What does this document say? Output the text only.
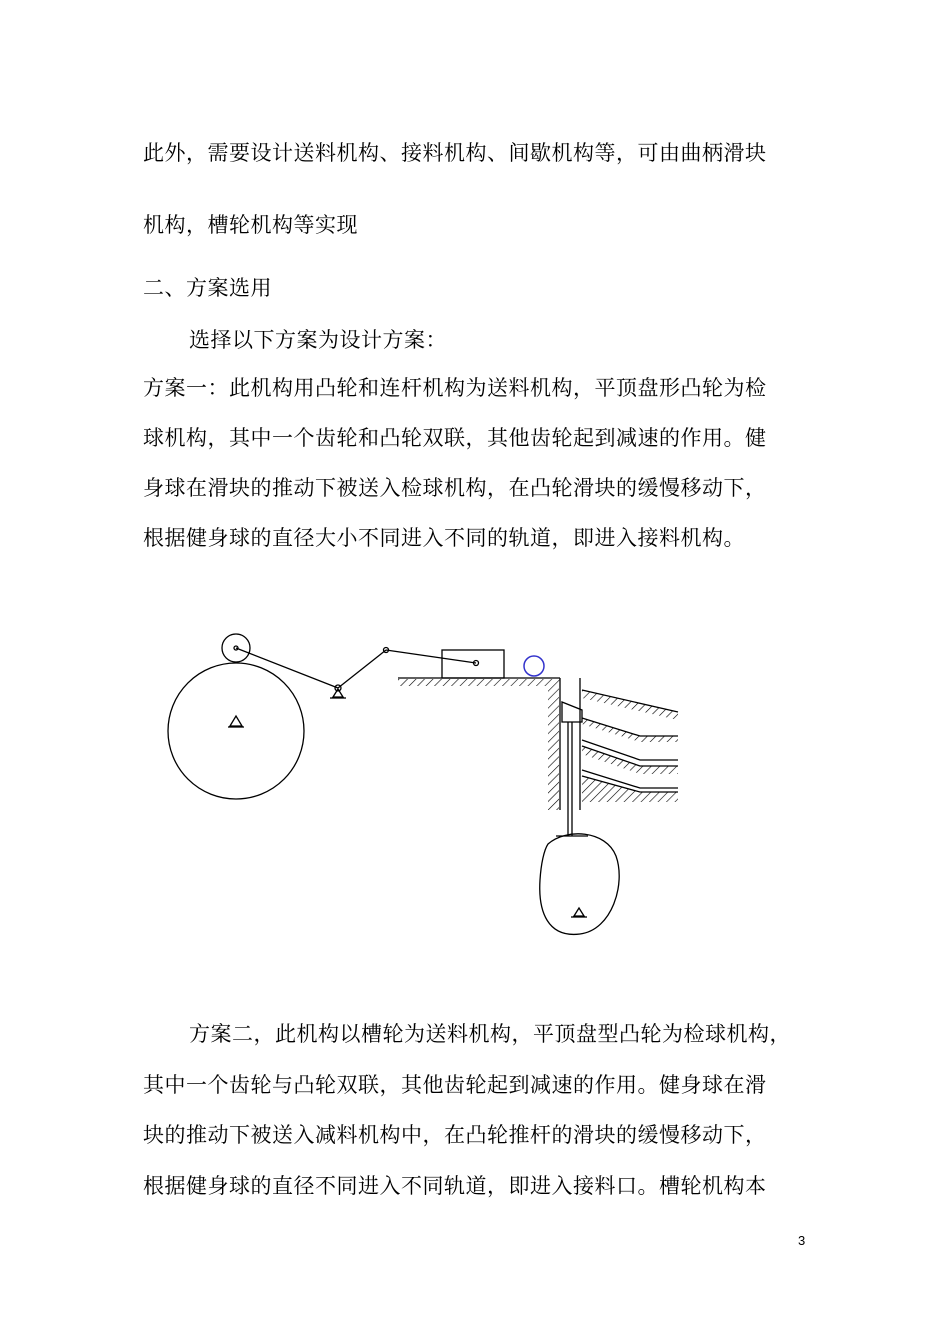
此外，需要设计送料机构、接料机构、间歇机构等，可由曲柄滑块
机构，槽轮机构等实现
二、方案选用
选择以下方案为设计方案：
方案一：此机构用凸轮和连杆机构为送料机构，平顶盘形凸轮为检
球机构，其中一个齿轮和凸轮双联，其他齿轮起到减速的作用。健
身球在滑块的推动下被送入检球机构，在凸轮滑块的缓慢移动下，
根据健身球的直径大小不同进入不同的轨道，即进入接料机构。
方案二，此机构以槽轮为送料机构，平顶盘型凸轮为检球机构，
其中一个齿轮与凸轮双联，其他齿轮起到减速的作用。健身球在滑
块的推动下被送入减料机构中，在凸轮推杆的滑块的缓慢移动下，
根据健身球的直径不同进入不同轨道，即进入接料口。槽轮机构本
3
